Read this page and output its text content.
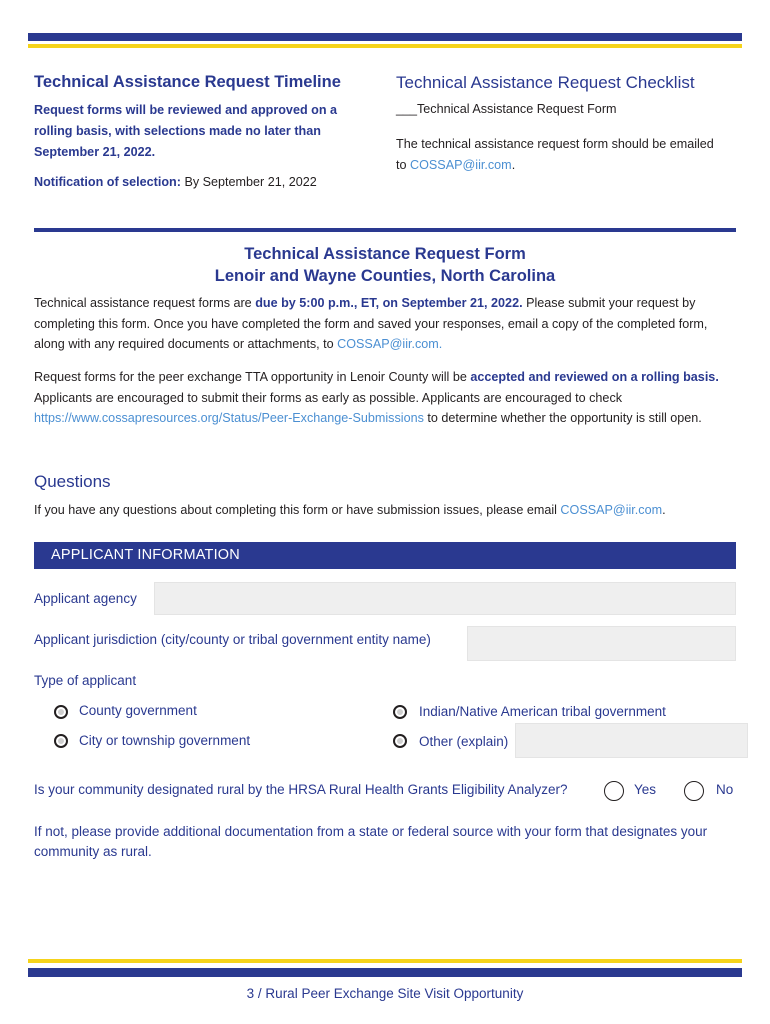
Technical Assistance Request Timeline
Request forms will be reviewed and approved on a rolling basis, with selections made no later than September 21, 2022.
Notification of selection: By September 21, 2022
Technical Assistance Request Checklist
___Technical Assistance Request Form
The technical assistance request form should be emailed to COSSAP@iir.com.
Technical Assistance Request Form
Lenoir and Wayne Counties, North Carolina
Technical assistance request forms are due by 5:00 p.m., ET, on September 21, 2022. Please submit your request by completing this form. Once you have completed the form and saved your responses, email a copy of the completed form, along with any required documents or attachments, to COSSAP@iir.com.
Request forms for the peer exchange TTA opportunity in Lenoir County will be accepted and reviewed on a rolling basis. Applicants are encouraged to submit their forms as early as possible. Applicants are encouraged to check https://www.cossapresources.org/Status/Peer-Exchange-Submissions to determine whether the opportunity is still open.
Questions
If you have any questions about completing this form or have submission issues, please email COSSAP@iir.com.
APPLICANT INFORMATION
Applicant agency
Applicant jurisdiction (city/county or tribal government entity name)
Type of applicant
County government
City or township government
Indian/Native American tribal government
Other (explain)
Is your community designated rural by the HRSA Rural Health Grants Eligibility Analyzer?	Yes	No
If not, please provide additional documentation from a state or federal source with your form that designates your community as rural.
3 / Rural Peer Exchange Site Visit Opportunity
